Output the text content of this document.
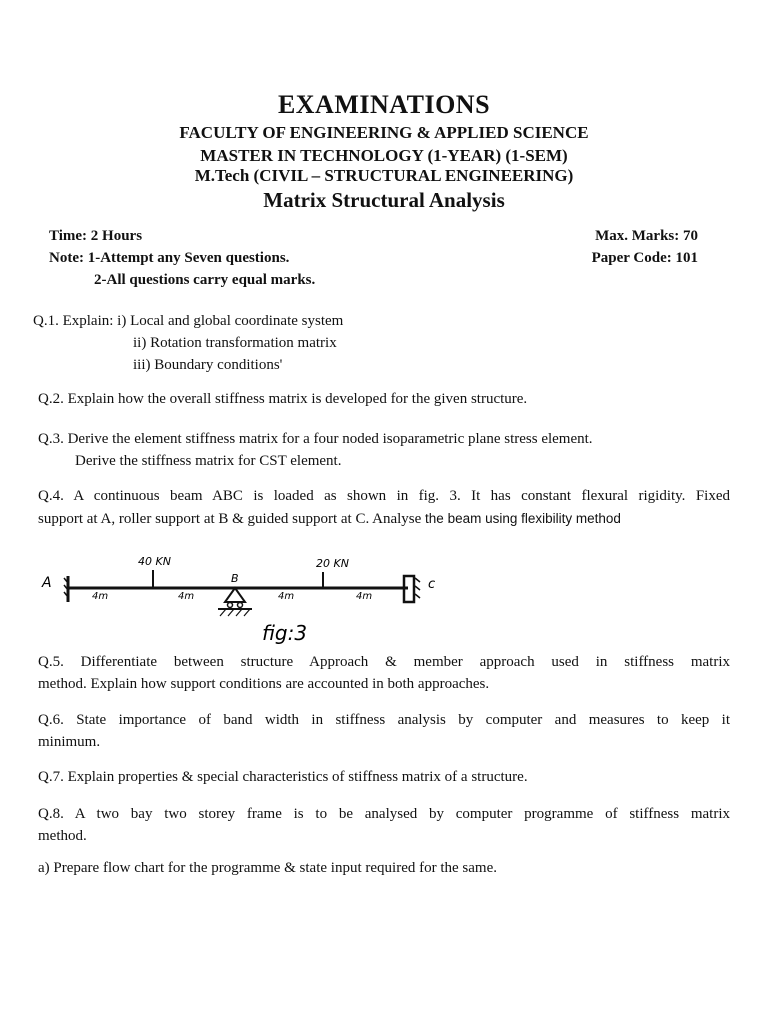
EXAMINATIONS
FACULTY OF ENGINEERING & APPLIED SCIENCE
MASTER IN TECHNOLOGY (1-YEAR) (1-SEM)
M.Tech (CIVIL – STRUCTURAL ENGINEERING)
Matrix Structural Analysis
Time: 2 Hours	Max. Marks: 70
Note: 1-Attempt any Seven questions.	Paper Code: 101
2-All questions carry equal marks.
Q.1. Explain: i) Local and global coordinate system
ii) Rotation transformation matrix
iii) Boundary conditions'
Q.2. Explain how the overall stiffness matrix is developed for the given structure.
Q.3. Derive the element stiffness matrix for a four noded isoparametric plane stress element.
Derive the stiffness matrix for CST element.
Q.4. A continuous beam ABC is loaded as shown in fig. 3. It has constant flexural rigidity. Fixed
support at A, roller support at B & guided support at C. Analyse the beam using flexibility method
A
40 KN
B
20 KN
c
4m	4m	4m	4m
fig:3
Q.5. Differentiate between structure Approach & member approach used in stiffness matrix
method. Explain how support conditions are accounted in both approaches.
Q.6. State importance of band width in stiffness analysis by computer and measures to keep it
minimum.
Q.7. Explain properties & special characteristics of stiffness matrix of a structure.
Q.8. A two bay two storey frame is to be analysed by computer programme of stiffness matrix
method.
a) Prepare flow chart for the programme & state input required for the same.
